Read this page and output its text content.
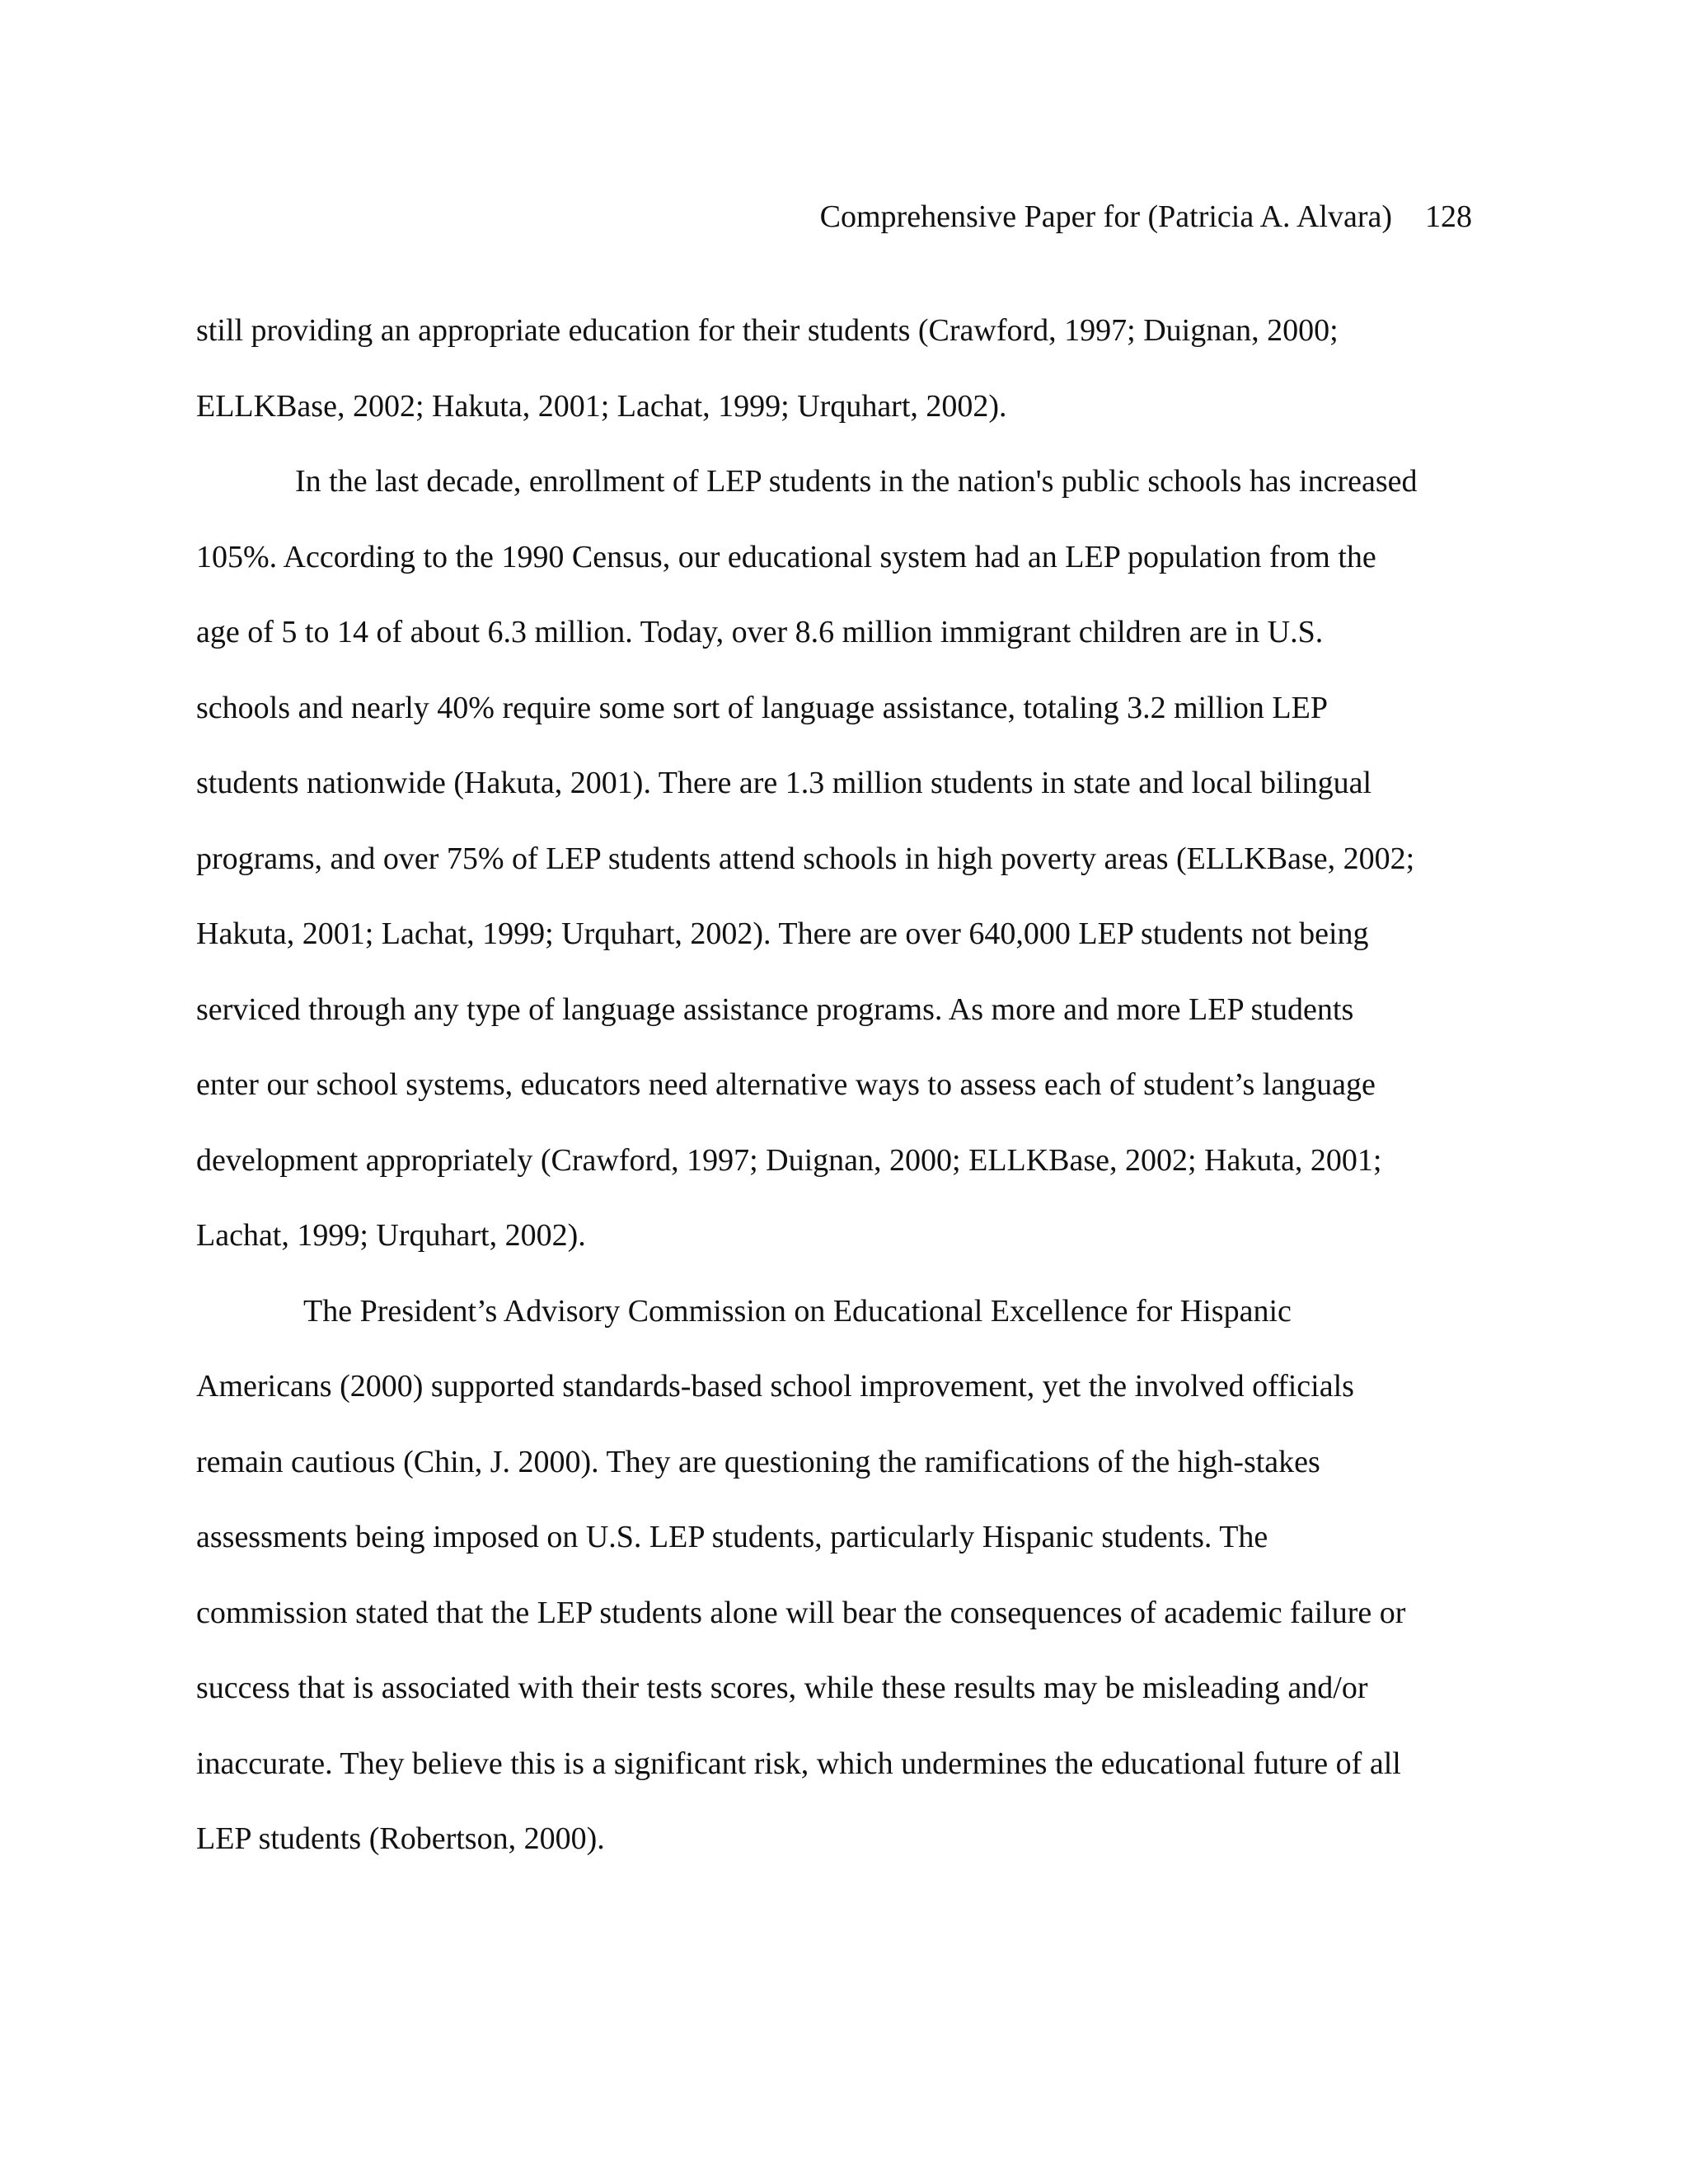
Comprehensive Paper for (Patricia A. Alvara) 128
still providing an appropriate education for their students (Crawford, 1997; Duignan, 2000;
ELLKBase, 2002; Hakuta, 2001; Lachat, 1999; Urquhart, 2002).
In the last decade, enrollment of LEP students in the nation's public schools has increased
105%. According to the 1990 Census, our educational system had an LEP population from the
age of 5 to 14 of about 6.3 million. Today, over 8.6 million immigrant children are in U.S.
schools and nearly 40% require some sort of language assistance, totaling 3.2 million LEP
students nationwide (Hakuta, 2001). There are 1.3 million students in state and local bilingual
programs, and over 75% of LEP students attend schools in high poverty areas (ELLKBase, 2002;
Hakuta, 2001; Lachat, 1999; Urquhart, 2002). There are over 640,000 LEP students not being
serviced through any type of language assistance programs. As more and more LEP students
enter our school systems, educators need alternative ways to assess each of student’s language
development appropriately (Crawford, 1997; Duignan, 2000; ELLKBase, 2002; Hakuta, 2001;
Lachat, 1999; Urquhart, 2002).
The President’s Advisory Commission on Educational Excellence for Hispanic
Americans (2000) supported standards-based school improvement, yet the involved officials
remain cautious (Chin, J. 2000). They are questioning the ramifications of the high-stakes
assessments being imposed on U.S. LEP students, particularly Hispanic students. The
commission stated that the LEP students alone will bear the consequences of academic failure or
success that is associated with their tests scores, while these results may be misleading and/or
inaccurate. They believe this is a significant risk, which undermines the educational future of all
LEP students (Robertson, 2000).
